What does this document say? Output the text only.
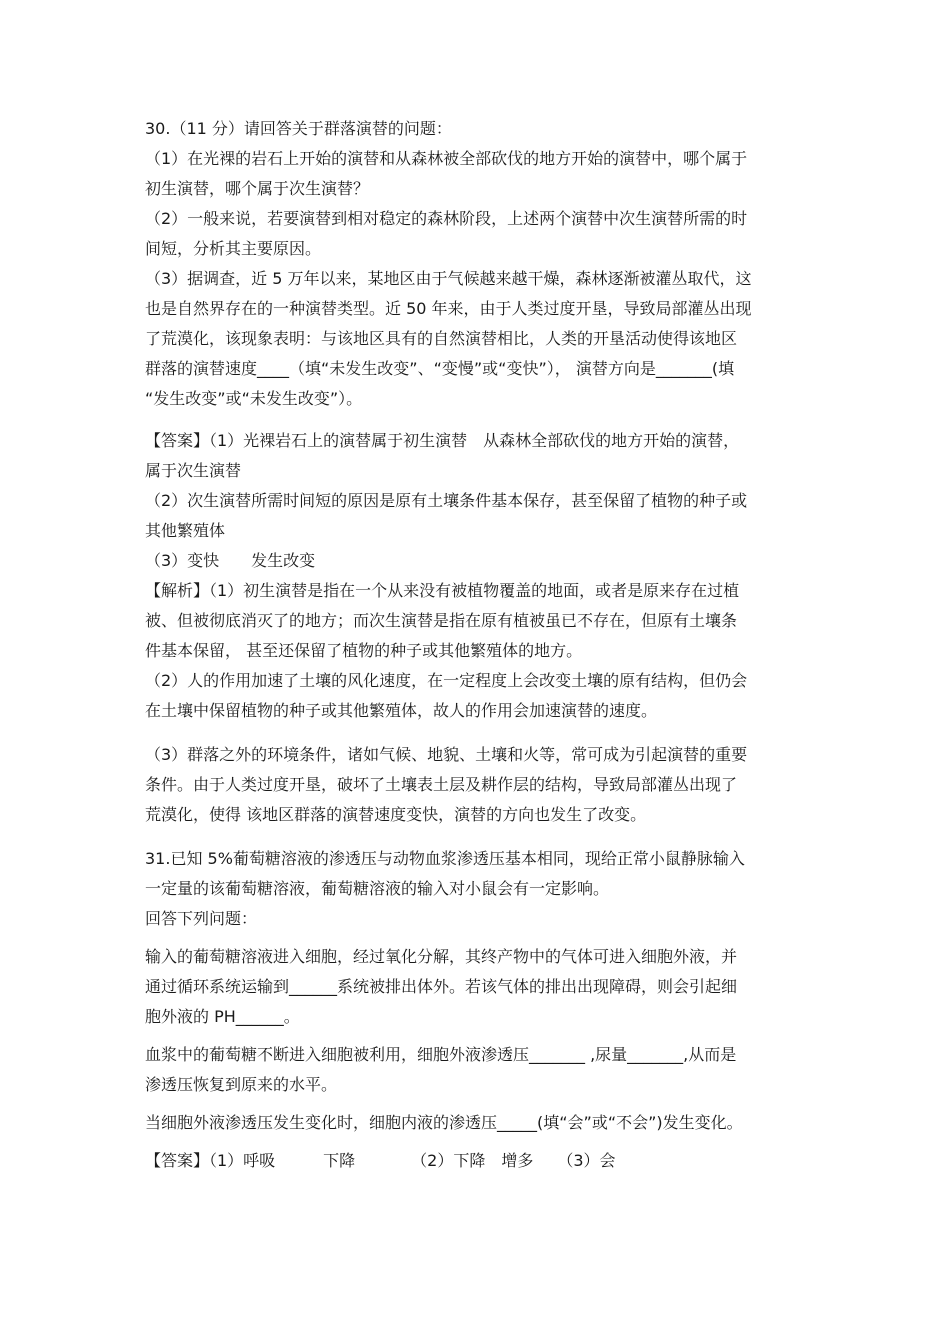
30.（11 分）请回答关于群落演替的问题：
（1）在光裸的岩石上开始的演替和从森林被全部砍伐的地方开始的演替中，哪个属于
初生演替，哪个属于次生演替？
（2）一般来说，若要演替到相对稳定的森林阶段，上述两个演替中次生演替所需的时
间短，分析其主要原因。
（3）据调查，近 5 万年以来，某地区由于气候越来越干燥，森林逐渐被灌丛取代，这
也是自然界存在的一种演替类型。近 50 年来，由于人类过度开垦，导致局部灌丛出现
了荒漠化，该现象表明：与该地区具有的自然演替相比，人类的开垦活动使得该地区
群落的演替速度____（填“未发生改变”、“变慢”或“变快”）， 演替方向是_______(填
“发生改变”或“未发生改变”）。
【答案】（1）光裸岩石上的演替属于初生演替　从森林全部砍伐的地方开始的演替，
属于次生演替
（2）次生演替所需时间短的原因是原有土壤条件基本保存，甚至保留了植物的种子或
其他繁殖体
（3）变快　　发生改变
【解析】（1）初生演替是指在一个从来没有被植物覆盖的地面，或者是原来存在过植
被、但被彻底消灭了的地方；而次生演替是指在原有植被虽已不存在，但原有土壤条
件基本保留， 甚至还保留了植物的种子或其他繁殖体的地方。
（2）人的作用加速了土壤的风化速度，在一定程度上会改变土壤的原有结构，但仍会
在土壤中保留植物的种子或其他繁殖体，故人的作用会加速演替的速度。
（3）群落之外的环境条件，诸如气候、地貌、土壤和火等，常可成为引起演替的重要
条件。由于人类过度开垦，破坏了土壤表土层及耕作层的结构，导致局部灌丛出现了
荒漠化，使得 该地区群落的演替速度变快，演替的方向也发生了改变。
31.已知 5%葡萄糖溶液的渗透压与动物血浆渗透压基本相同，现给正常小鼠静脉输入
一定量的该葡萄糖溶液，葡萄糖溶液的输入对小鼠会有一定影响。
回答下列问题：
输入的葡萄糖溶液进入细胞，经过氧化分解，其终产物中的气体可进入细胞外液，并
通过循环系统运输到______系统被排出体外。若该气体的排出出现障碍，则会引起细
胞外液的 PH______。
血浆中的葡萄糖不断进入细胞被利用，细胞外液渗透压_______ ,尿量_______,从而是
渗透压恢复到原来的水平。
当细胞外液渗透压发生变化时，细胞内液的渗透压_____(填“会”或“不会”)发生变化。
【答案】（1）呼吸　　　下降　　　　（2）下降　增多　　（3）会
